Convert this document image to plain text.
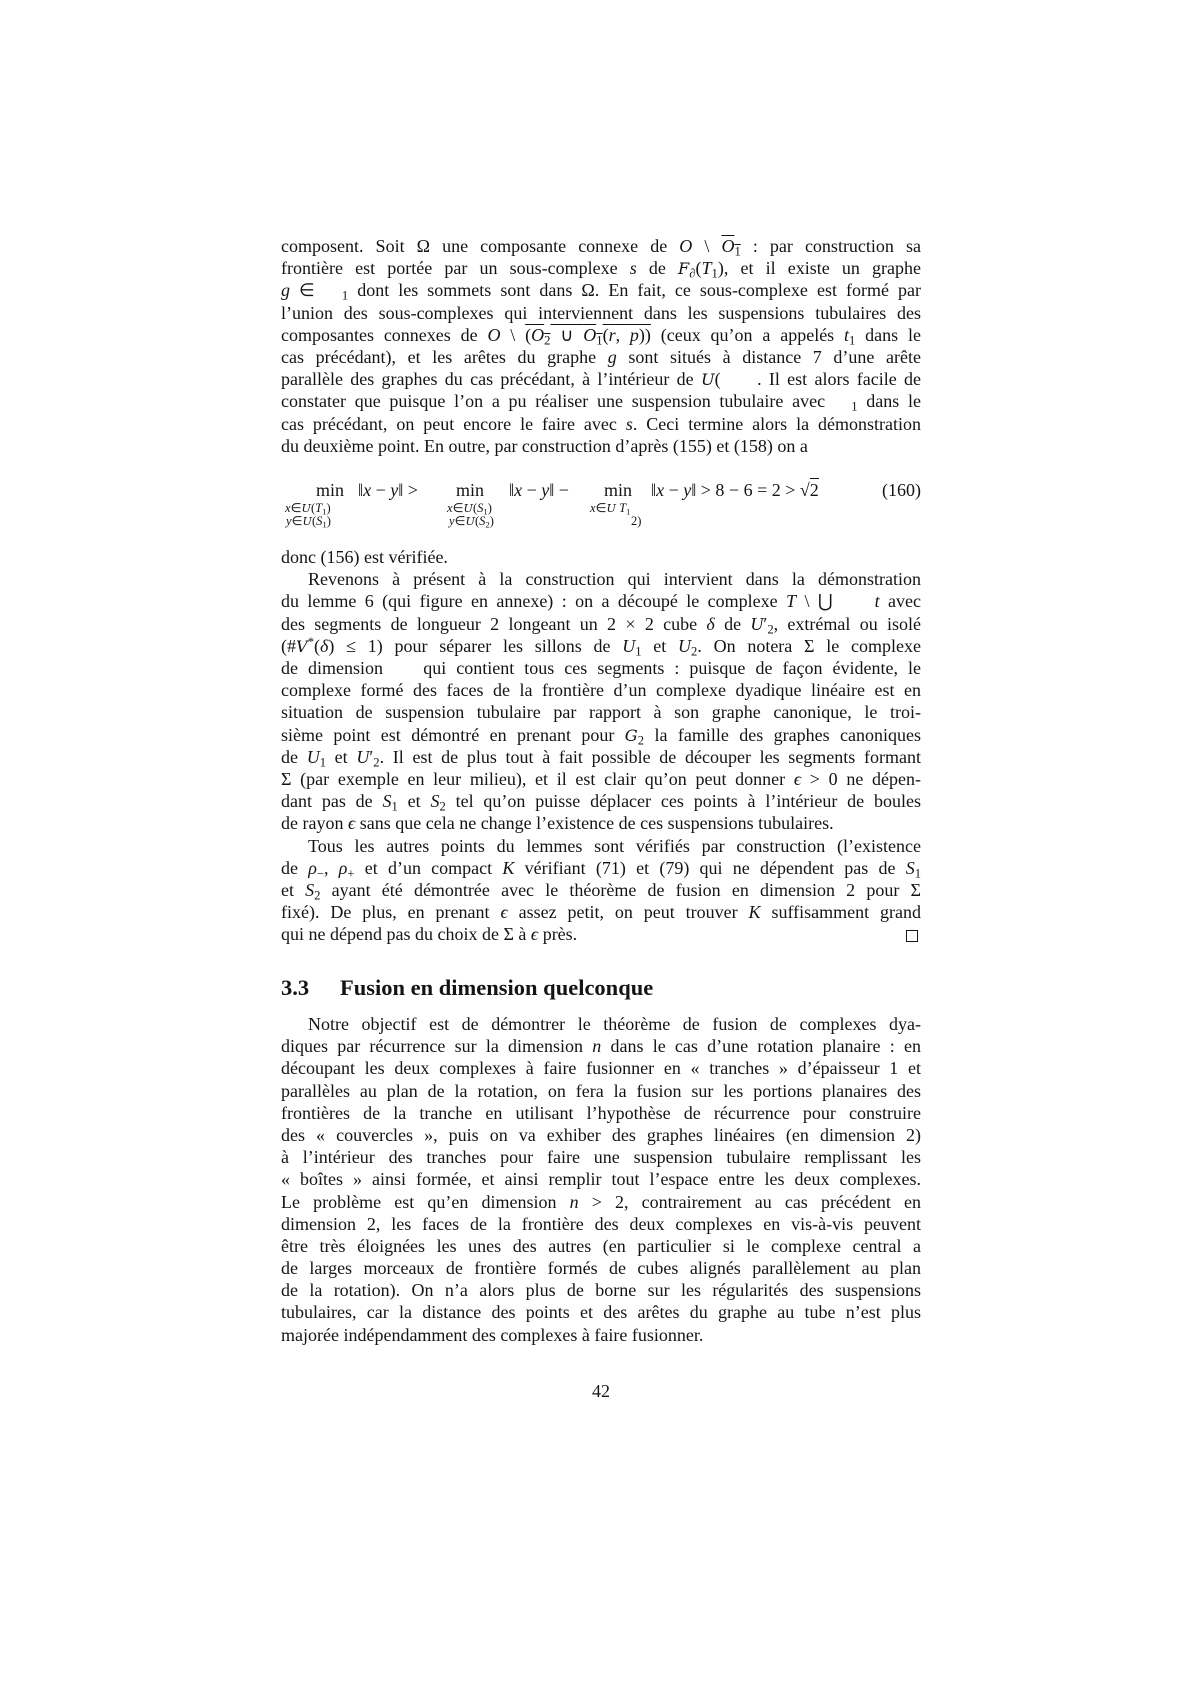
composent. Soit Ω une composante connexe de O \ $O_1$ : par construction sa
frontière est portée par un sous-complexe s de $F_\partial(T_1)$, et il existe un graphe
g ∈   $_1$ dont les sommets sont dans Ω. En fait, ce sous-complexe est formé par
l’union des sous-complexes qui interviennent dans les suspensions tubulaires des
composantes connexes de O \ ($O_2$ ∪ $O_1(r$, p)) (ceux qu’on a appelés $t_1$ dans le
cas précédant), et les arêtes du graphe g sont situés à distance 7 d’une arête
parallèle des graphes du cas précédant, à l’intérieur de U(     . Il est alors facile de
constater que puisque l’on a pu réaliser une suspension tubulaire avec   $_1$ dans le
cas précédant, on peut encore le faire avec s. Ceci termine alors la démonstration
du deuxième point. En outre, par construction d’après (155) et (158) on a
min
$x\in U(T_1)$
$y\in U(S_1)$
‖x − y‖ > min
$x\in U(S_1)$
$y\in U(S_2)$
‖x − y‖ − min
x∈U $T_1$
2)
‖x − y‖ > 8 − 6 = 2 > √2	(160)
donc (156) est vérifiée.
Revenons à présent à la construction qui intervient dans la démonstration
du lemme 6 (qui figure en annexe) : on a découpé le complexe T \ ⋃     t avec
des segments de longueur 2 longeant un 2 × 2 cube δ de $U'_2$, extrémal ou isolé
(#V*(δ) ≤ 1) pour séparer les sillons de $U_1$ et $U_2$. On notera Σ le complexe
de dimension    qui contient tous ces segments : puisque de façon évidente, le
complexe formé des faces de la frontière d’un complexe dyadique linéaire est en
situation de suspension tubulaire par rapport à son graphe canonique, le troi-
sième point est démontré en prenant pour $G_2$ la famille des graphes canoniques
de $U_1$ et $U'_2$. Il est de plus tout à fait possible de découper les segments formant
Σ (par exemple en leur milieu), et il est clair qu’on peut donner ϵ > 0 ne dépen-
dant pas de $S_1$ et $S_2$ tel qu’on puisse déplacer ces points à l’intérieur de boules
de rayon ϵ sans que cela ne change l’existence de ces suspensions tubulaires.
Tous les autres points du lemmes sont vérifiés par construction (l’existence
de $\rho_-$, $\rho_+$ et d’un compact K vérifiant (71) et (79) qui ne dépendent pas de $S_1$
et $S_2$ ayant été démontrée avec le théorème de fusion en dimension 2 pour Σ
fixé). De plus, en prenant ϵ assez petit, on peut trouver K suffisamment grand
qui ne dépend pas du choix de Σ à ϵ près.
3.3 Fusion en dimension quelconque
Notre objectif est de démontrer le théorème de fusion de complexes dya-
diques par récurrence sur la dimension n dans le cas d’une rotation planaire : en
découpant les deux complexes à faire fusionner en « tranches » d’épaisseur 1 et
parallèles au plan de la rotation, on fera la fusion sur les portions planaires des
frontières de la tranche en utilisant l’hypothèse de récurrence pour construire
des « couvercles », puis on va exhiber des graphes linéaires (en dimension 2)
à l’intérieur des tranches pour faire une suspension tubulaire remplissant les
« boîtes » ainsi formée, et ainsi remplir tout l’espace entre les deux complexes.
Le problème est qu’en dimension n > 2, contrairement au cas précédent en
dimension 2, les faces de la frontière des deux complexes en vis-à-vis peuvent
être très éloignées les unes des autres (en particulier si le complexe central a
de larges morceaux de frontière formés de cubes alignés parallèlement au plan
de la rotation). On n’a alors plus de borne sur les régularités des suspensions
tubulaires, car la distance des points et des arêtes du graphe au tube n’est plus
majorée indépendamment des complexes à faire fusionner.
42
